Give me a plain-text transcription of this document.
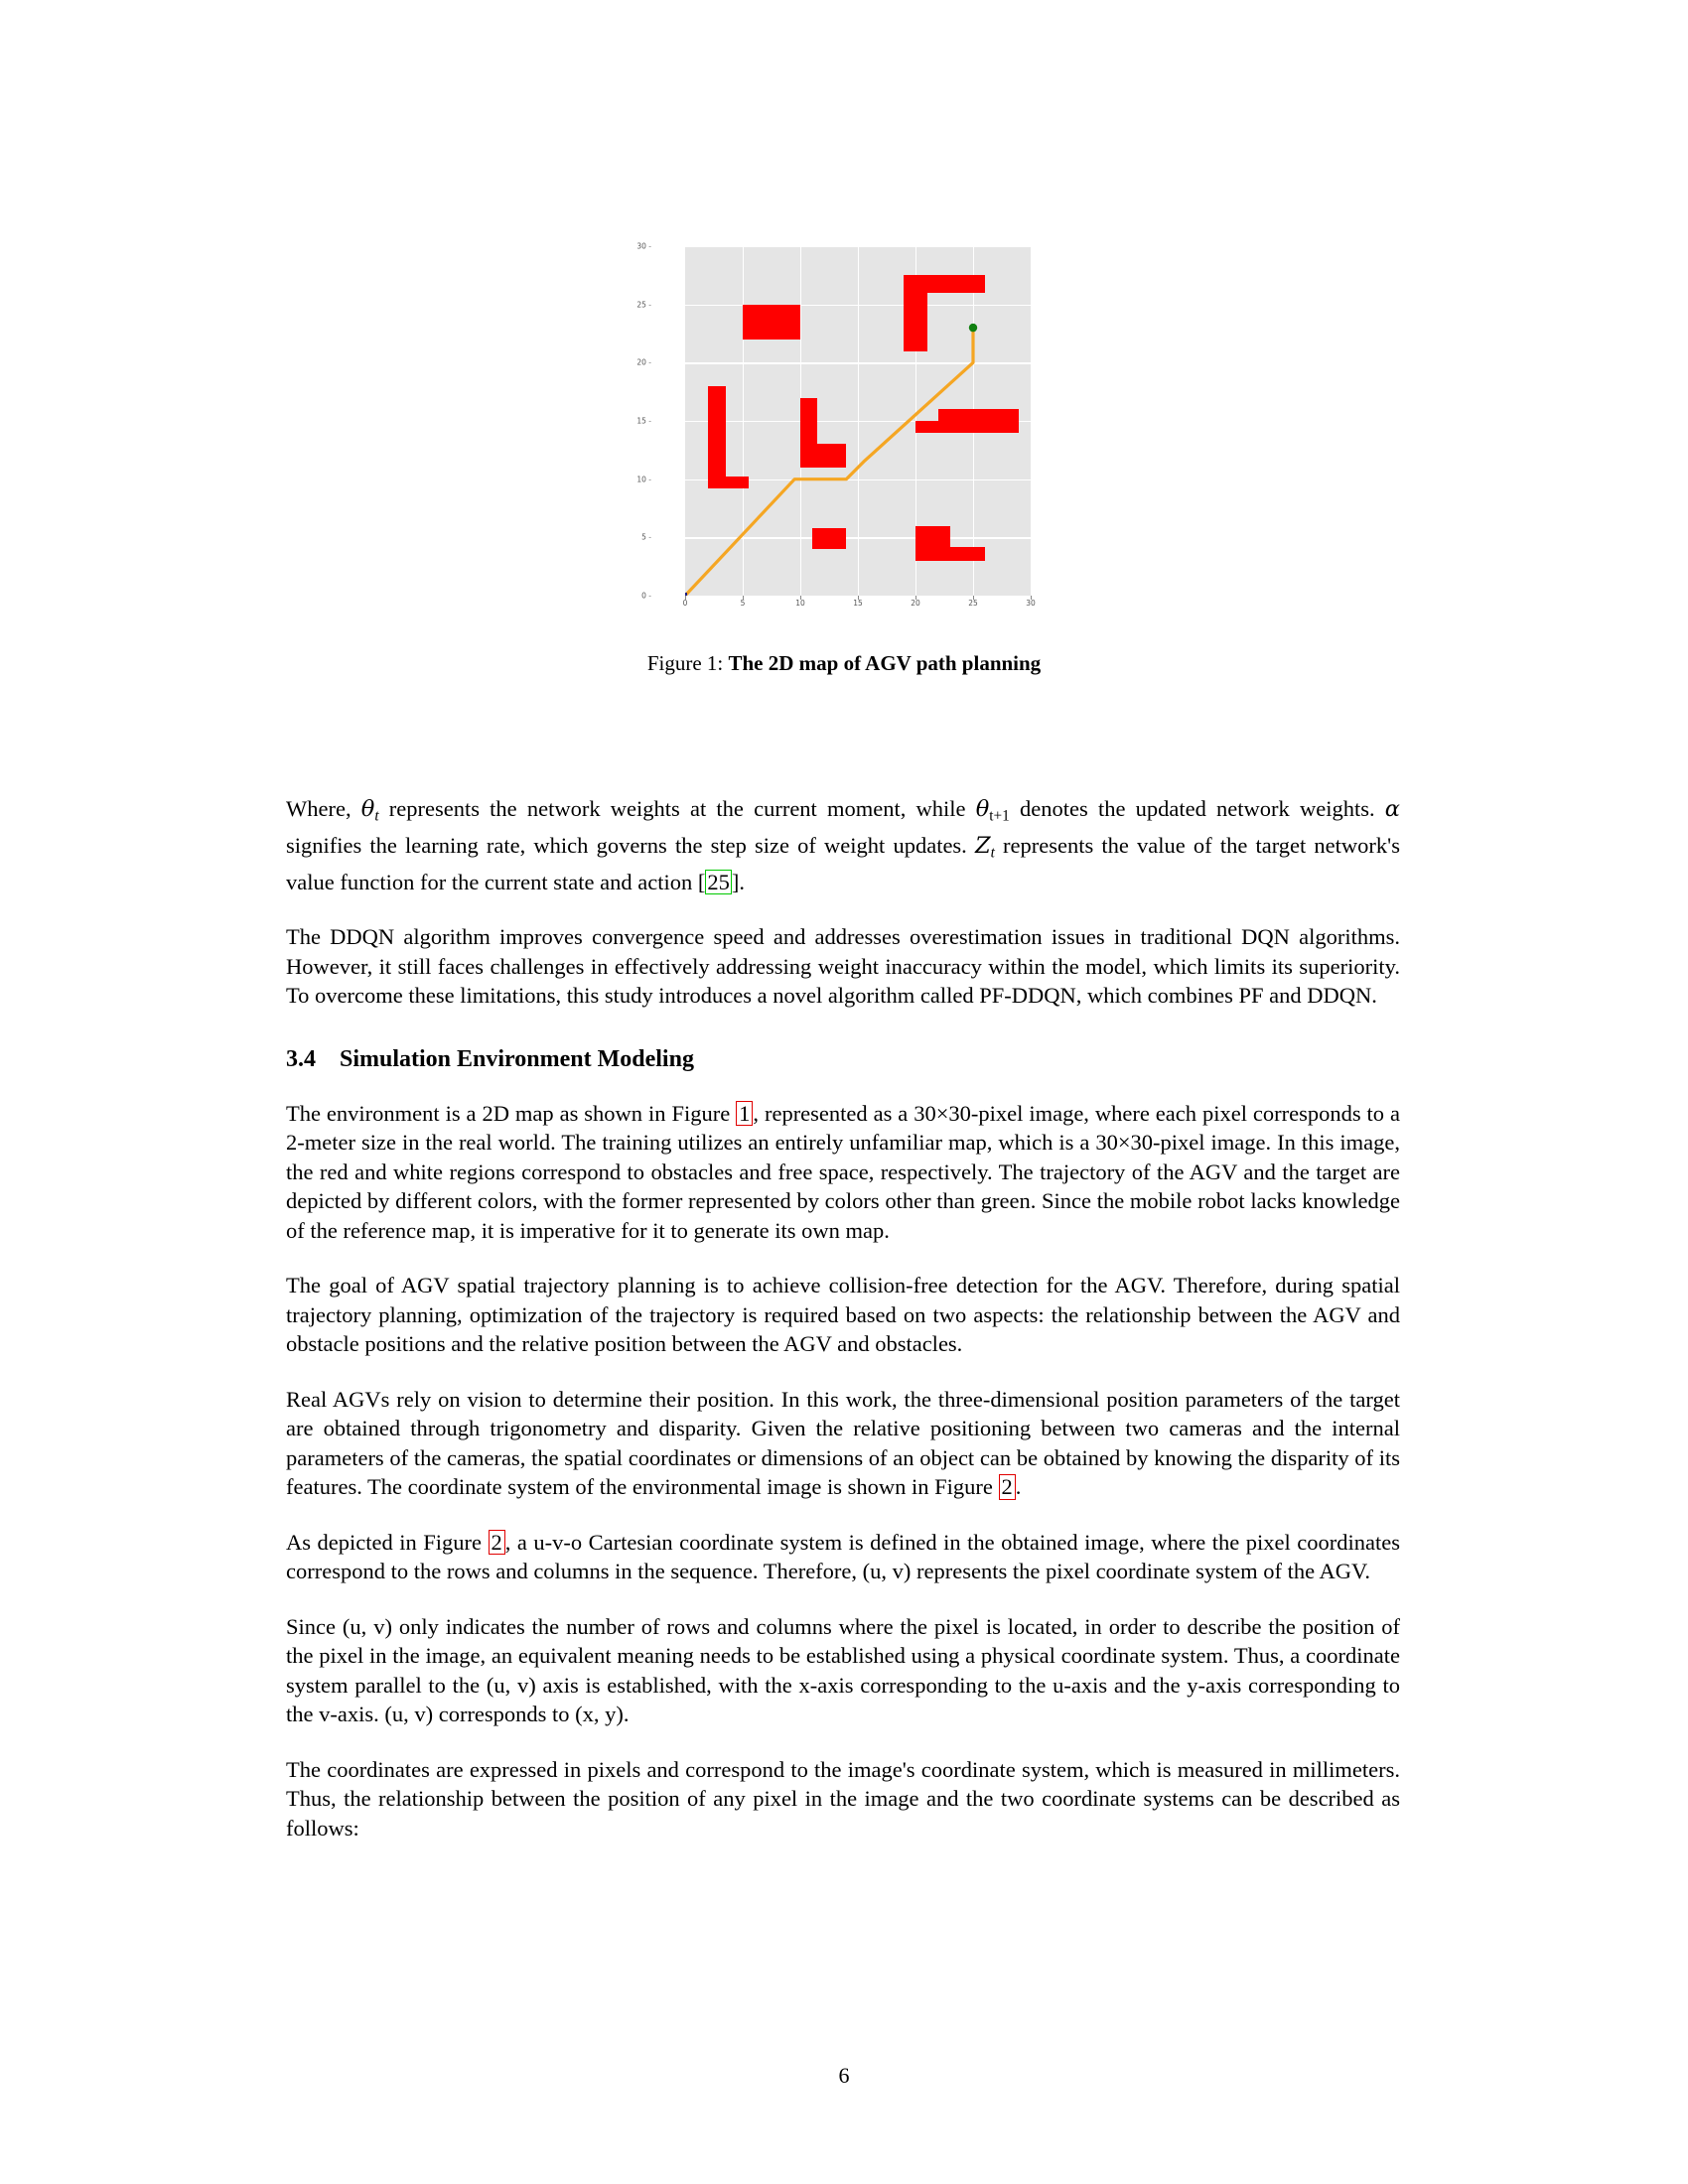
0 -
5 -
10 -
15 -
20 -
25 -
30 -
0	5	10	15	20	25	30
Figure 1: The 2D map of AGV path planning

Where, $\theta_t$ represents the network weights at the current moment, while θt+1 denotes the updated network weights. α signifies the learning rate, which governs the step size of weight updates. $Z_t$ represents the value of the target network's value function for the current state and action [25].

The DDQN algorithm improves convergence speed and addresses overestimation issues in traditional DQN algorithms. However, it still faces challenges in effectively addressing weight inaccuracy within the model, which limits its superiority. To overcome these limitations, this study introduces a novel algorithm called PF-DDQN, which combines PF and DDQN.

3.4 Simulation Environment Modeling

The environment is a 2D map as shown in Figure 1 , represented as a 30×30-pixel image, where each pixel corresponds to a 2-meter size in the real world. The training utilizes an entirely unfamiliar map, which is a 30×30-pixel image. In this image, the red and white regions correspond to obstacles and free space, respectively. The trajectory of the AGV and the target are depicted by different colors, with the former represented by colors other than green. Since the mobile robot lacks knowledge of the reference map, it is imperative for it to generate its own map.

The goal of AGV spatial trajectory planning is to achieve collision-free detection for the AGV. Therefore, during spatial trajectory planning, optimization of the trajectory is required based on two aspects: the relationship between the AGV and obstacle positions and the relative position between the AGV and obstacles.

Real AGVs rely on vision to determine their position. In this work, the three-dimensional position parameters of the target are obtained through trigonometry and disparity. Given the relative positioning between two cameras and the internal parameters of the cameras, the spatial coordinates or dimensions of an object can be obtained by knowing the disparity of its features. The coordinate system of the environmental image is shown in Figure 2 .

As depicted in Figure 2 , a u-v-o Cartesian coordinate system is defined in the obtained image, where the pixel coordinates correspond to the rows and columns in the sequence. Therefore, (u, v) represents the pixel coordinate system of the AGV.

Since (u, v) only indicates the number of rows and columns where the pixel is located, in order to describe the position of the pixel in the image, an equivalent meaning needs to be established using a physical coordinate system. Thus, a coordinate system parallel to the (u, v) axis is established, with the x-axis corresponding to the u-axis and the y-axis corresponding to the v-axis. (u, v) corresponds to (x, y).

The coordinates are expressed in pixels and correspond to the image's coordinate system, which is measured in millimeters. Thus, the relationship between the position of any pixel in the image and the two coordinate systems can be described as follows:

6
